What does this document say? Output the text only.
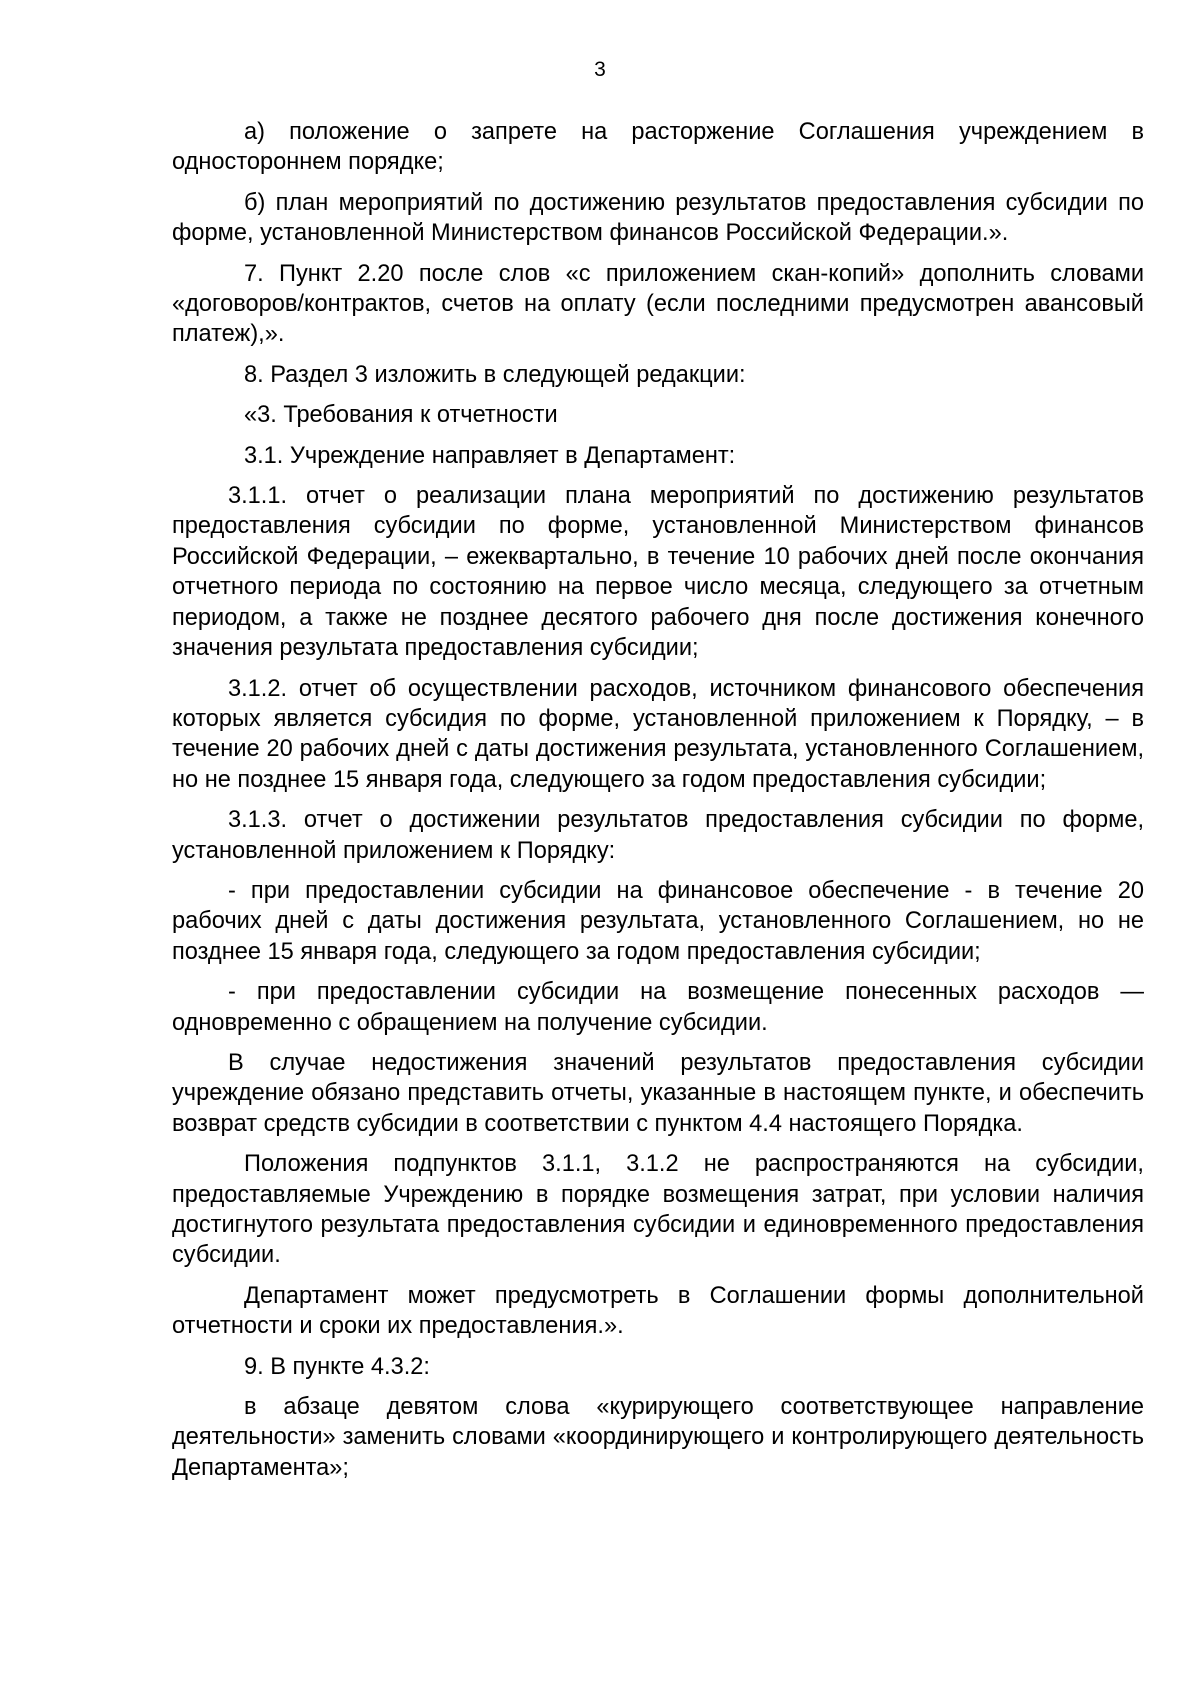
3

а) положение о запрете на расторжение Соглашения учреждением в одностороннем порядке;

б) план мероприятий по достижению результатов предоставления субсидии по форме, установленной Министерством финансов Российской Федерации.».

7. Пункт 2.20 после слов «с приложением скан-копий» дополнить словами «договоров/контрактов, счетов на оплату (если последними предусмотрен авансовый платеж),».

8. Раздел 3 изложить в следующей редакции:

«3. Требования к отчетности

3.1. Учреждение направляет в Департамент:

3.1.1. отчет о реализации плана мероприятий по достижению результатов предоставления субсидии по форме, установленной Министерством финансов Российской Федерации, – ежеквартально, в течение 10 рабочих дней после окончания отчетного периода по состоянию на первое число месяца, следующего за отчетным периодом, а также не позднее десятого рабочего дня после достижения конечного значения результата предоставления субсидии;

3.1.2. отчет об осуществлении расходов, источником финансового обеспечения которых является субсидия по форме, установленной приложением к Порядку, – в течение 20 рабочих дней с даты достижения результата, установленного Соглашением, но не позднее 15 января года, следующего за годом предоставления субсидии;

3.1.3. отчет о достижении результатов предоставления субсидии по форме, установленной приложением к Порядку:

- при предоставлении субсидии на финансовое обеспечение - в течение 20 рабочих дней с даты достижения результата, установленного Соглашением, но не позднее 15 января года, следующего за годом предоставления субсидии;

- при предоставлении субсидии на возмещение понесенных расходов — одновременно с обращением на получение субсидии.

В случае недостижения значений результатов предоставления субсидии учреждение обязано представить отчеты, указанные в настоящем пункте, и обеспечить возврат средств субсидии в соответствии с пунктом 4.4 настоящего Порядка.

Положения подпунктов 3.1.1, 3.1.2 не распространяются на субсидии, предоставляемые Учреждению в порядке возмещения затрат, при условии наличия достигнутого результата предоставления субсидии и единовременного предоставления субсидии.

Департамент может предусмотреть в Соглашении формы дополнительной отчетности и сроки их предоставления.».

9. В пункте 4.3.2:

в абзаце девятом слова «курирующего соответствующее направление деятельности» заменить словами «координирующего и контролирующего деятельность Департамента»;
